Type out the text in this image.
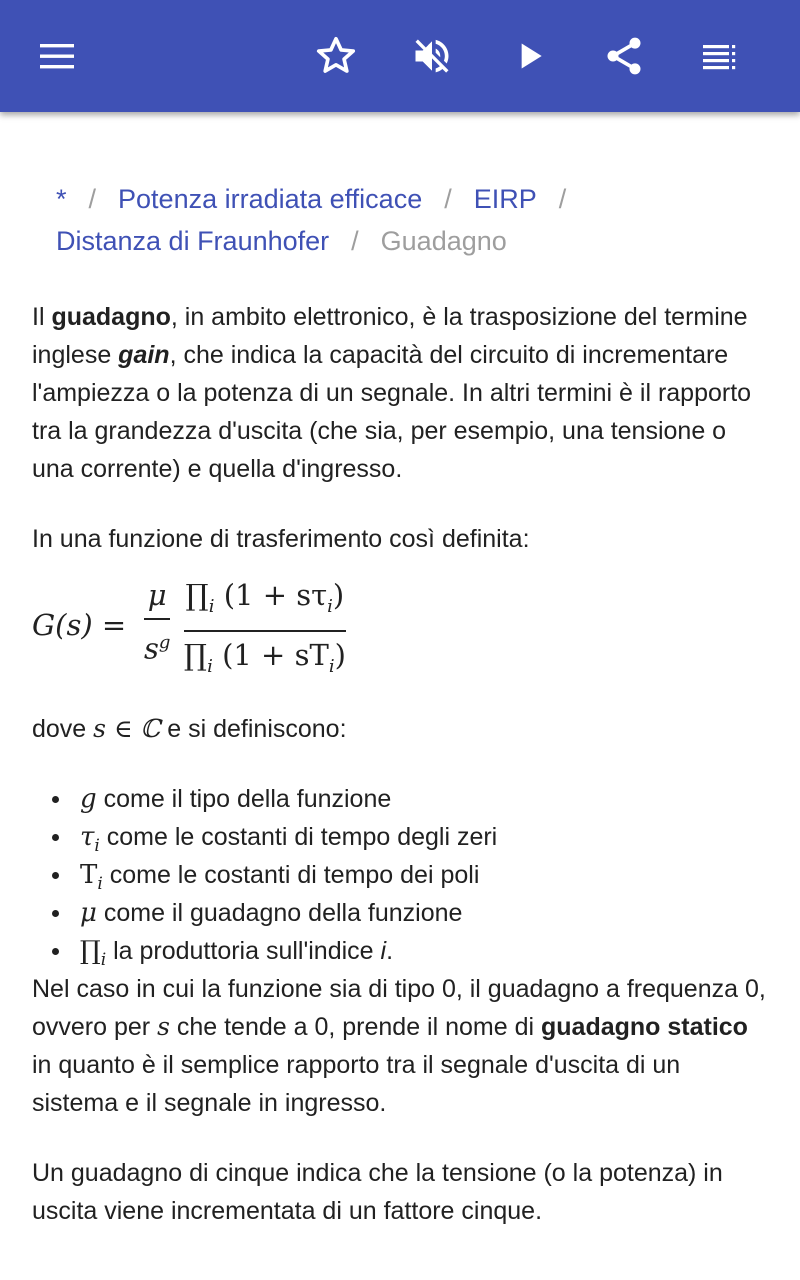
* / Potenza irradiata efficace / EIRP /
Distanza di Fraunhofer / Guadagno

Il guadagno, in ambito elettronico, è la trasposizione del termine inglese gain, che indica la capacità del circuito di incrementare l'ampiezza o la potenza di un segnale. In altri termini è il rapporto tra la grandezza d'uscita (che sia, per esempio, una tensione o una corrente) e quella d'ingresso.

In una funzione di trasferimento così definita:

G(s) =
μ
$s^g$
$\prod_i$ $(1 + s\tau_i)$
$\prod_i$ $(1 + sT_i)$

dove s ∈ ℂ e si definiscono:

g come il tipo della funzione
$\tau_i$ come le costanti di tempo degli zeri
$T_i$ come le costanti di tempo dei poli
μ come il guadagno della funzione
$\prod_i$ la produttoria sull'indice i.

Nel caso in cui la funzione sia di tipo 0, il guadagno a frequenza 0, ovvero per s che tende a 0, prende il nome di guadagno statico in quanto è il semplice rapporto tra il segnale d'uscita di un sistema e il segnale in ingresso.

Un guadagno di cinque indica che la tensione (o la potenza) in uscita viene incrementata di un fattore cinque.
